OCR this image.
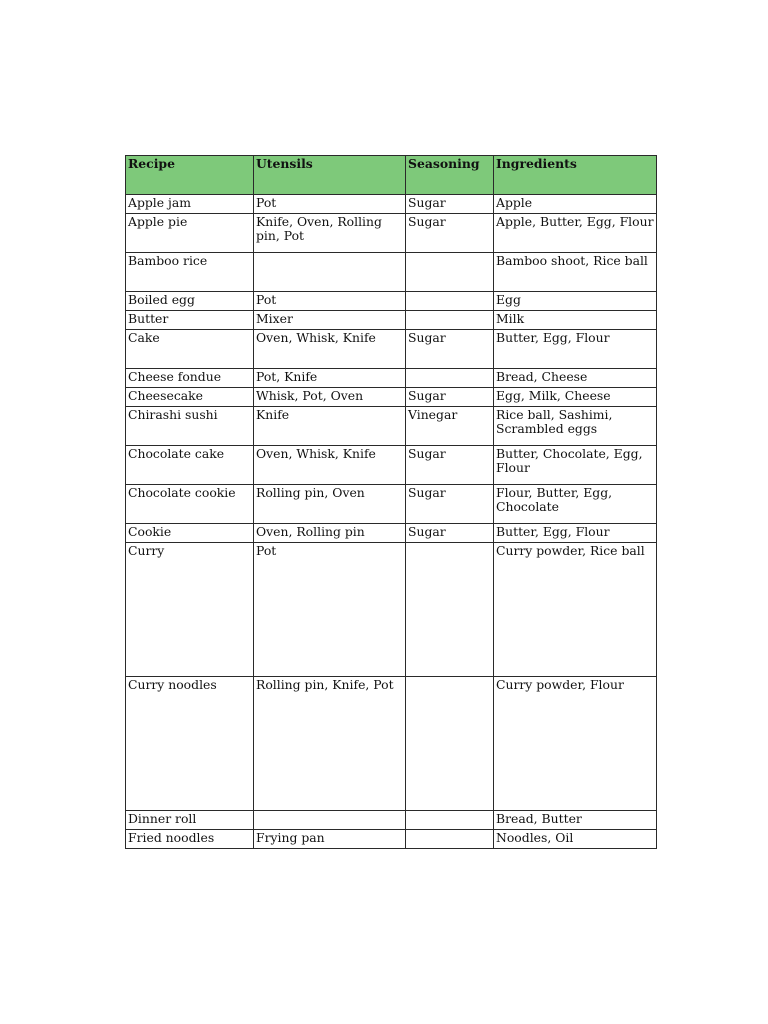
Recipe	Utensils	Seasoning	Ingredients
Apple jam	Pot	Sugar	Apple
Apple pie	Knife, Oven, Rolling pin, Pot	Sugar	Apple, Butter, Egg, Flour
Bamboo rice			Bamboo shoot, Rice ball
Boiled egg	Pot		Egg
Butter	Mixer		Milk
Cake	Oven, Whisk, Knife	Sugar	Butter, Egg, Flour
Cheese fondue	Pot, Knife		Bread, Cheese
Cheesecake	Whisk, Pot, Oven	Sugar	Egg, Milk, Cheese
Chirashi sushi	Knife	Vinegar	Rice ball, Sashimi, Scrambled eggs
Chocolate cake	Oven, Whisk, Knife	Sugar	Butter, Chocolate, Egg, Flour
Chocolate cookie	Rolling pin, Oven	Sugar	Flour, Butter, Egg, Chocolate
Cookie	Oven, Rolling pin	Sugar	Butter, Egg, Flour
Curry	Pot		Curry powder, Rice ball
Curry noodles	Rolling pin, Knife, Pot		Curry powder, Flour
Dinner roll			Bread, Butter
Fried noodles	Frying pan		Noodles, Oil
